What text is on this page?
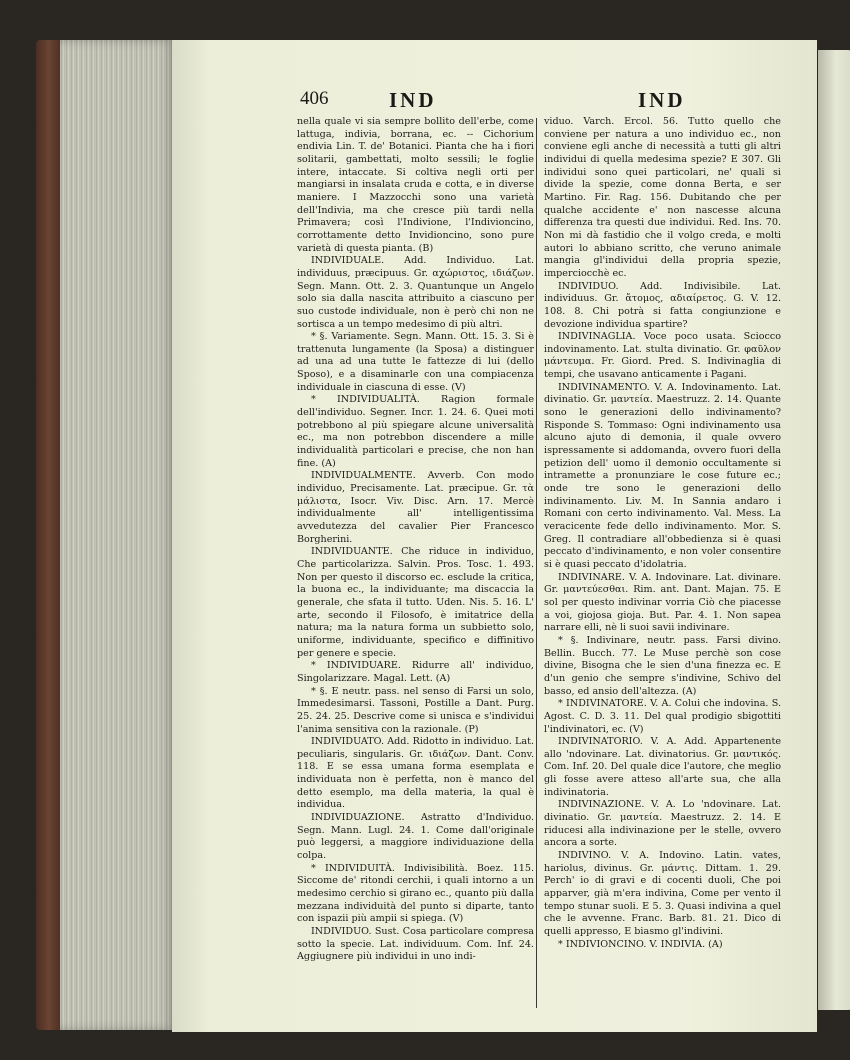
406	IND	IND

nella quale vi sia sempre bollito dell'erbe, come lattuga, indivia, borrana, ec. -- Cichorium endivia Lin. T. de' Botanici. Pianta che ha i fiori solitarii, gambettati, molto sessili; le foglie intere, intaccate. Si coltiva negli orti per mangiarsi in insalata cruda e cotta, e in diverse maniere. I Mazzocchi sono una varietà dell'Indivia, ma che cresce più tardi nella Primavera; così l'Indivione, l'Indivioncino, corrottamente detto Invidioncino, sono pure varietà di questa pianta. (B)

INDIVIDUALE. Add. Individuo. Lat. individuus, præcipuus. Gr. αχώριστος, ιδιάζων. Segn. Mann. Ott. 2. 3. Quantunque un Angelo solo sia dalla nascita attribuito a ciascuno per suo custode individuale, non è però chi non ne sortisca a un tempo medesimo di più altri.

* §. Variamente. Segn. Mann. Ott. 15. 3. Si è trattenuta lungamente (la Sposa) a distinguer ad una ad una tutte le fattezze di lui (dello Sposo), e a disaminarle con una compiacenza individuale in ciascuna di esse. (V)

* INDIVIDUALITÀ. Ragion formale dell'individuo. Segner. Incr. 1. 24. 6. Quei moti potrebbono al più spiegare alcune universalità ec., ma non potrebbon discendere a mille individualità particolari e precise, che non han fine. (A)

INDIVIDUALMENTE. Avverb. Con modo individuo, Precisamente. Lat. præcipue. Gr. τὰ μάλιστα, Isocr. Viv. Disc. Arn. 17. Mercè individualmente all' intelligentissima avvedutezza del cavalier Pier Francesco Borgherini.

INDIVIDUANTE. Che riduce in individuo, Che particolarizza. Salvin. Pros. Tosc. 1. 493. Non per questo il discorso ec. esclude la critica, la buona ec., la individuante; ma discaccia la generale, che sfata il tutto. Uden. Nis. 5. 16. L' arte, secondo il Filosofo, è imitatrice della natura; ma la natura forma un subbietto solo, uniforme, individuante, specifico e diffinitivo per genere e specie.

* INDIVIDUARE. Ridurre all' individuo, Singolarizzare. Magal. Lett. (A)

* §. E neutr. pass. nel senso di Farsi un solo, Immedesimarsi. Tassoni, Postille a Dant. Purg. 25. 24. 25. Descrive come si unisca e s'individui l'anima sensitiva con la razionale. (P)

INDIVIDUATO. Add. Ridotto in individuo. Lat. peculiaris, singularis. Gr. ιδιάζων. Dant. Conv. 118. E se essa umana forma esemplata e individuata non è perfetta, non è manco del detto esemplo, ma della materia, la qual è individua.

INDIVIDUAZIONE. Astratto d'Individuo. Segn. Mann. Lugl. 24. 1. Come dall'originale può leggersi, a maggiore individuazione della colpa.

* INDIVIDUITÀ. Indivisibilità. Boez. 115. Siccome de' ritondi cerchii, i quali intorno a un medesimo cerchio si girano ec., quanto più dalla mezzana individuità del punto si diparte, tanto con ispazii più ampii si spiega. (V)

INDIVIDUO. Sust. Cosa particolare compresa sotto la specie. Lat. individuum. Com. Inf. 24. Aggiugnere più individui in uno indi-

viduo. Varch. Ercol. 56. Tutto quello che conviene per natura a uno individuo ec., non conviene egli anche di necessità a tutti gli altri individui di quella medesima spezie? E 307. Gli individui sono quei particolari, ne' quali si divide la spezie, come donna Berta, e ser Martino. Fir. Rag. 156. Dubitando che per qualche accidente e' non nascesse alcuna differenza tra questi due individui. Red. Ins. 70. Non mi dà fastidio che il volgo creda, e molti autori lo abbiano scritto, che veruno animale mangia gl'individui della propria spezie, imperciocchè ec.

INDIVIDUO. Add. Indivisibile. Lat. individuus. Gr. ἄτομος, αδιαίρετος. G. V. 12. 108. 8. Chi potrà si fatta congiunzione e devozione individua spartire?

INDIVINAGLIA. Voce poco usata. Sciocco indovinamento. Lat. stulta divinatio. Gr. φαῦλον μάντευμα. Fr. Giord. Pred. S. Indivinaglia di tempi, che usavano anticamente i Pagani.

INDIVINAMENTO. V. A. Indovinamento. Lat. divinatio. Gr. μαντεία. Maestruzz. 2. 14. Quante sono le generazioni dello indivinamento? Risponde S. Tommaso: Ogni indivinamento usa alcuno ajuto di demonia, il quale ovvero ispressamente si addomanda, ovvero fuori della petizion dell' uomo il demonio occultamente si intramette a pronunziare le cose future ec.; onde tre sono le generazioni dello indivinamento. Liv. M. In Sannia andaro i Romani con certo indivinamento. Val. Mess. La veracicente fede dello indivinamento. Mor. S. Greg. Il contradiare all'obbedienza si è quasi peccato d'indivinamento, e non voler consentire si è quasi peccato d'idolatria.

INDIVINARE. V. A. Indovinare. Lat. divinare. Gr. μαντεύεσθαι. Rim. ant. Dant. Majan. 75. E sol per questo indivinar vorria Ciò che piacesse a voi, giojosa gioja. But. Par. 4. 1. Non sapea narrare elli, nè li suoi savii indivinare.

* §. Indivinare, neutr. pass. Farsi divino. Bellin. Bucch. 77. Le Muse perchè son cose divine, Bisogna che le sien d'una finezza ec. E d'un genio che sempre s'indivine, Schivo del basso, ed ansio dell'altezza. (A)

* INDIVINATORE. V. A. Colui che indovina. S. Agost. C. D. 3. 11. Del qual prodigio sbigottiti l'indivinatori, ec. (V)

INDIVINATORIO. V. A. Add. Appartenente allo 'ndovinare. Lat. divinatorius. Gr. μαντικός. Com. Inf. 20. Del quale dice l'autore, che meglio gli fosse avere atteso all'arte sua, che alla indivinatoria.

INDIVINAZIONE. V. A. Lo 'ndovinare. Lat. divinatio. Gr. μαντεία. Maestruzz. 2. 14. E riducesi alla indivinazione per le stelle, ovvero ancora a sorte.

INDIVINO. V. A. Indovino. Latin. vates, hariolus, divinus. Gr. μάντις. Dittam. 1. 29. Perch' io di gravi e di cocenti duoli, Che poi apparver, già m'era indivina, Come per vento il tempo stunar suoli. E 5. 3. Quasi indivina a quel che le avvenne. Franc. Barb. 81. 21. Dico di quelli appresso, E biasmo gl'indivini.

* INDIVIONCINO. V. INDIVIA. (A)
